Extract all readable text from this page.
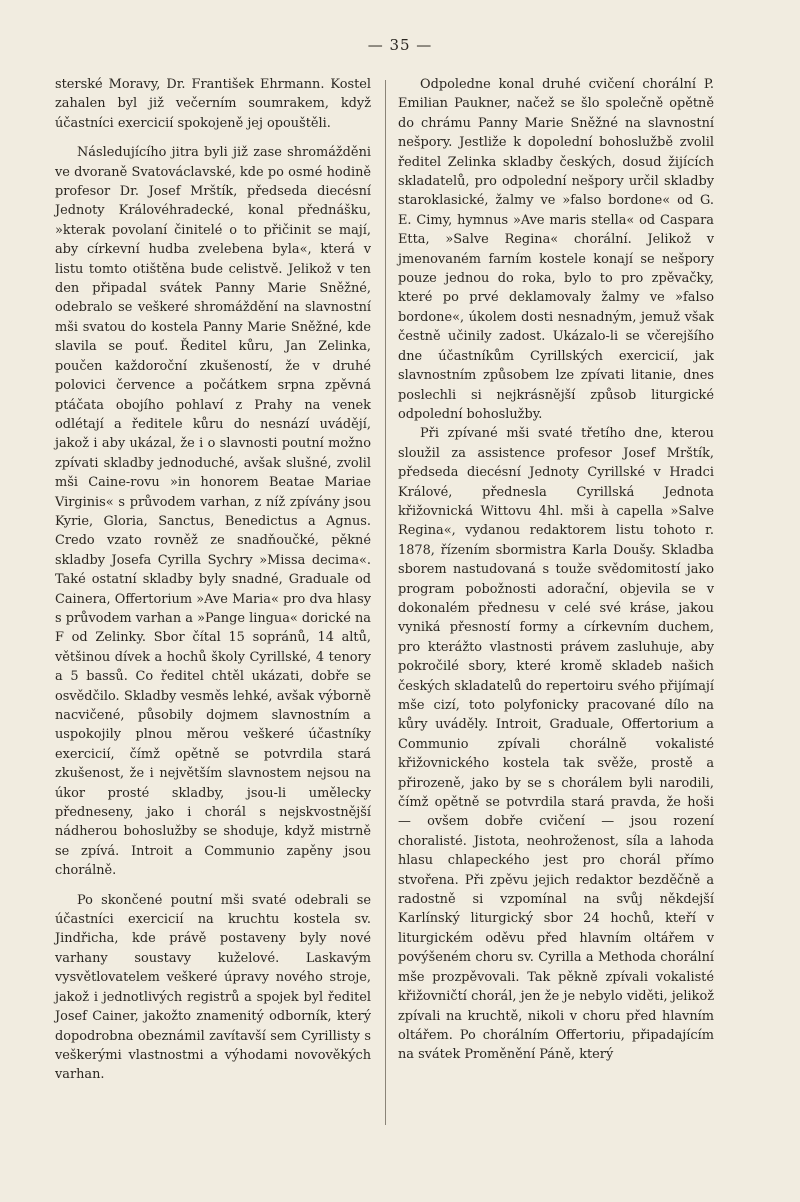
— 35 —

sterské Moravy, Dr. František Ehrmann. Kostel zahalen byl již večerním soumrakem, když účastníci exercicií spokojeně jej opouštěli.

Následujícího jitra byli již zase shromážděni ve dvoraně Svatováclavské, kde po osmé hodině profesor Dr. Josef Mrštík, předseda diecésní Jednoty Královéhradecké, konal přednášku, »kterak povolaní činitelé o to přičinit se mají, aby církevní hudba zvelebena byla«, která v listu tomto otištěna bude celistvě. Jelikož v ten den připadal svátek Panny Marie Sněžné, odebralo se veškeré shromáždění na slavnostní mši svatou do kostela Panny Marie Sněžné, kde slavila se pouť. Ředitel kůru, Jan Zelinka, poučen každoroční zkušeností, že v druhé polovici července a počátkem srpna zpěvná ptáčata obojího pohlaví z Prahy na venek odlétají a ředitele kůru do nesnází uvádějí, jakož i aby ukázal, že i o slavnosti poutní možno zpívati skladby jednoduché, avšak slušné, zvolil mši Caine-rovu »in honorem Beatae Mariae Virginis« s průvodem varhan, z níž zpívány jsou Kyrie, Gloria, Sanctus, Benedictus a Agnus. Credo vzato rovněž ze snadňoučké, pěkné skladby Josefa Cyrilla Sychry »Missa decima«. Také ostatní skladby byly snadné, Graduale od Cainera, Offertorium »Ave Maria« pro dva hlasy s průvodem varhan a »Pange lingua« dorické na F od Zelinky. Sbor čítal 15 sopránů, 14 altů, většinou dívek a hochů školy Cyrillské, 4 tenory a 5 bassů. Co ředitel chtěl ukázati, dobře se osvědčilo. Skladby vesměs lehké, avšak výborně nacvičené, působily dojmem slavnostním a uspokojily plnou měrou veškeré účastníky exercicií, čímž opětně se potvrdila stará zkušenost, že i největším slavnostem nejsou na úkor prosté skladby, jsou-li umělecky předneseny, jako i chorál s nejskvostnější nádherou bohoslužby se shoduje, když mistrně se zpívá. Introit a Communio zapěny jsou chorálně.

Po skončené poutní mši svaté odebrali se účastníci exercicií na kruchtu kostela sv. Jindřicha, kde právě postaveny byly nové varhany soustavy kuželové. Laskavým vysvětlovatelem veškeré úpravy nového stroje, jakož i jednotlivých registrů a spojek byl ředitel Josef Cainer, jakožto znamenitý odborník, který dopodrobna obeznámil zavítavší sem Cyrillisty s veškerými vlastnostmi a výhodami novověkých varhan.

Odpoledne konal druhé cvičení chorální P. Emilian Paukner, načež se šlo společně opětně do chrámu Panny Marie Sněžné na slavnostní nešpory. Jestliže k dopolední bohoslužbě zvolil ředitel Zelinka skladby českých, dosud žijících skladatelů, pro odpolední nešpory určil skladby staroklasické, žalmy ve »falso bordone« od G. E. Cimy, hymnus »Ave maris stella« od Caspara Etta, »Salve Regina« chorální. Jelikož v jmenovaném farním kostele konají se nešpory pouze jednou do roka, bylo to pro zpěvačky, které po prvé deklamovaly žalmy ve »falso bordone«, úkolem dosti nesnadným, jemuž však čestně učinily zadost. Ukázalo-li se včerejšího dne účastníkům Cyrillských exercicií, jak slavnostním způsobem lze zpívati litanie, dnes poslechli si nejkrásnější způsob liturgické odpolední bohoslužby.

Při zpívané mši svaté třetího dne, kterou sloužil za assistence profesor Josef Mrštík, předseda diecésní Jednoty Cyrillské v Hradci Králové, přednesla Cyrillská Jednota křižovnická Wittovu 4hl. mši à capella »Salve Regina«, vydanou redaktorem listu tohoto r. 1878, řízením sbormistra Karla Doušy. Skladba sborem nastudovaná s touže svědomitostí jako program pobožnosti adorační, objevila se v dokonalém přednesu v celé své kráse, jakou vyniká přesností formy a církevním duchem, pro kterážto vlastnosti právem zasluhuje, aby pokročilé sbory, které kromě skladeb našich českých skladatelů do repertoiru svého přijímají mše cizí, toto polyfonicky pracované dílo na kůry uváděly. Introit, Graduale, Offertorium a Communio zpívali chorálně vokalisté křižovnického kostela tak svěže, prostě a přirozeně, jako by se s chorálem byli narodili, čímž opětně se potvrdila stará pravda, že hoši — ovšem dobře cvičení — jsou rození choralisté. Jistota, neohroženost, síla a lahoda hlasu chlapeckého jest pro chorál přímo stvořena. Při zpěvu jejich redaktor bezděčně a radostně si vzpomínal na svůj někdejší Karlínský liturgický sbor 24 hochů, kteří v liturgickém oděvu před hlavním oltářem v povýšeném choru sv. Cyrilla a Methoda chorální mše prozpěvovali. Tak pěkně zpívali vokalisté křižovničtí chorál, jen že je nebylo viděti, jelikož zpívali na kruchtě, nikoli v choru před hlavním oltářem. Po chorálním Offertoriu, připadajícím na svátek Proměnění Páně, který
